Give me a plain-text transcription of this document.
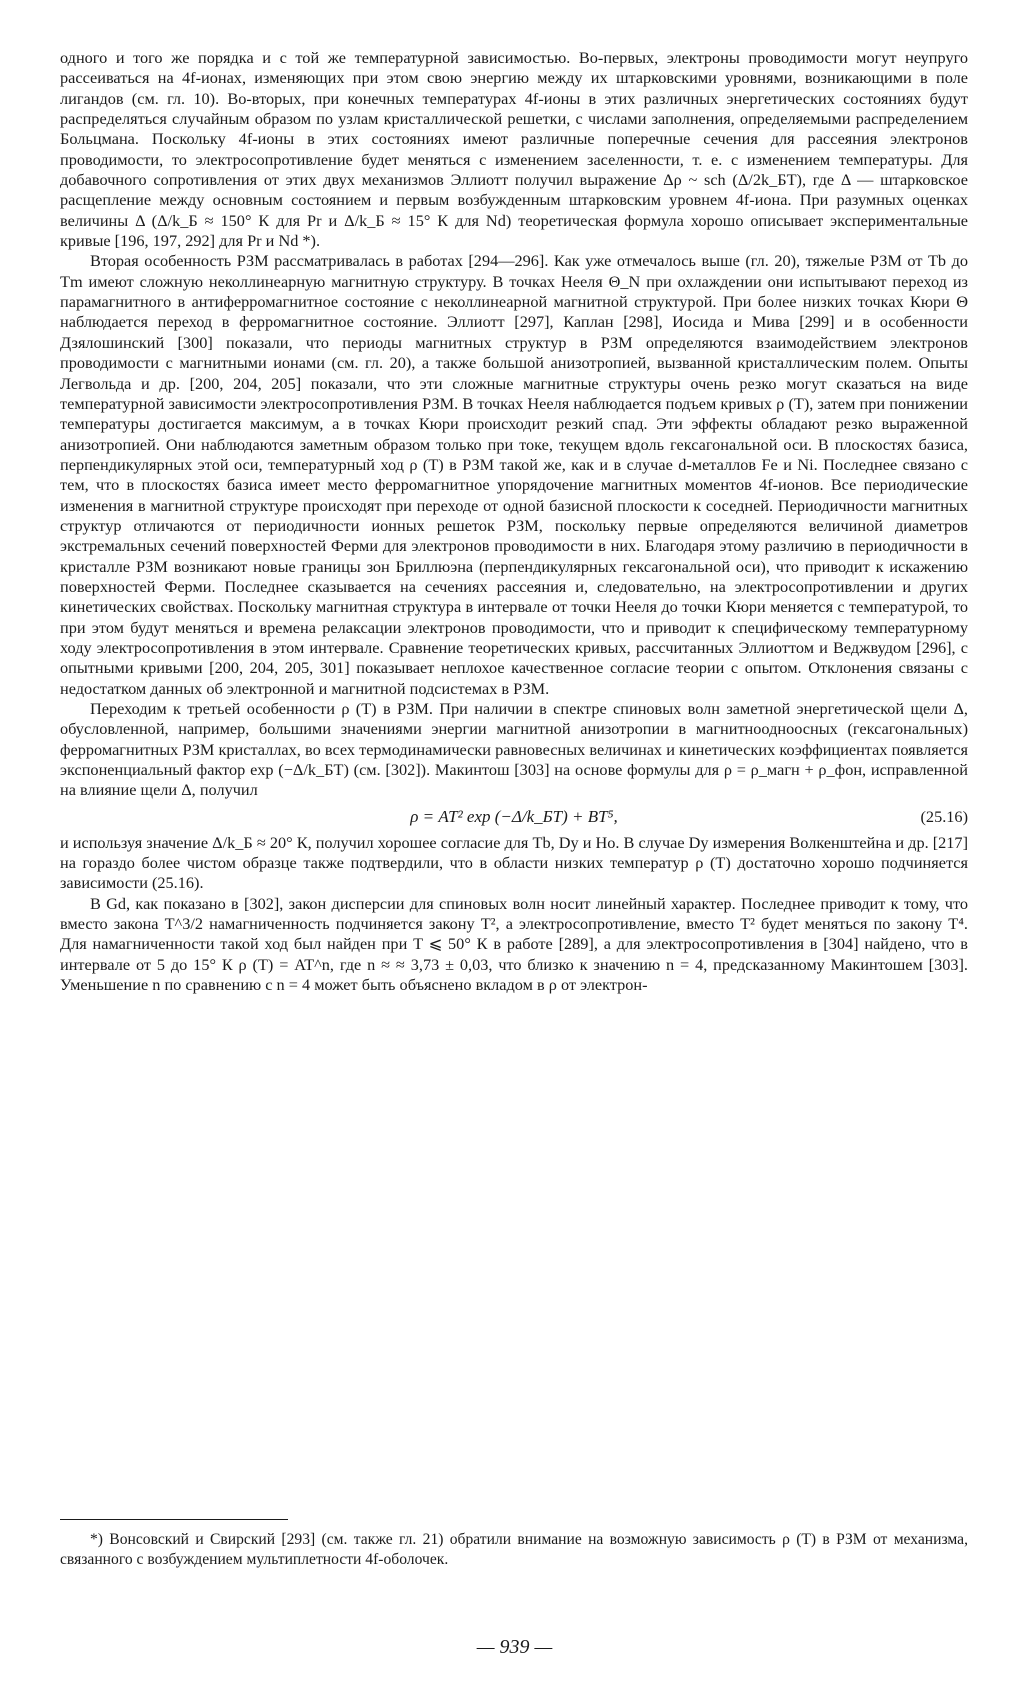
одного и того же порядка и с той же температурной зависимостью. Во-первых, электроны проводимости могут неупруго рассеиваться на 4f-ионах, изменяющих при этом свою энергию между их штарковскими уровнями, возникающими в поле лигандов (см. гл. 10). Во-вторых, при конечных температурах 4f-ионы в этих различных энергетических состояниях будут распределяться случайным образом по узлам кристаллической решетки, с числами заполнения, определяемыми распределением Больцмана. Поскольку 4f-ионы в этих состояниях имеют различные поперечные сечения для рассеяния электронов проводимости, то электросопротивление будет меняться с изменением заселенности, т. е. с изменением температуры. Для добавочного сопротивления от этих двух механизмов Эллиотт получил выражение Δρ ~ sch (Δ/2k_БT), где Δ — штарковское расщепление между основным состоянием и первым возбужденным штарковским уровнем 4f-иона. При разумных оценках величины Δ (Δ/k_Б ≈ 150° К для Pr и Δ/k_Б ≈ 15° К для Nd) теоретическая формула хорошо описывает экспериментальные кривые [196, 197, 292] для Pr и Nd *).

Вторая особенность РЗМ рассматривалась в работах [294—296]. Как уже отмечалось выше (гл. 20), тяжелые РЗМ от Tb до Tm имеют сложную неколлинеарную магнитную структуру. В точках Нееля Θ_N при охлаждении они испытывают переход из парамагнитного в антиферромагнитное состояние с неколлинеарной магнитной структурой. При более низких точках Кюри Θ наблюдается переход в ферромагнитное состояние. Эллиотт [297], Каплан [298], Иосида и Мива [299] и в особенности Дзялошинский [300] показали, что периоды магнитных структур в РЗМ определяются взаимодействием электронов проводимости с магнитными ионами (см. гл. 20), а также большой анизотропией, вызванной кристаллическим полем. Опыты Легвольда и др. [200, 204, 205] показали, что эти сложные магнитные структуры очень резко могут сказаться на виде температурной зависимости электросопротивления РЗМ. В точках Нееля наблюдается подъем кривых ρ (T), затем при понижении температуры достигается максимум, а в точках Кюри происходит резкий спад. Эти эффекты обладают резко выраженной анизотропией. Они наблюдаются заметным образом только при токе, текущем вдоль гексагональной оси. В плоскостях базиса, перпендикулярных этой оси, температурный ход ρ (T) в РЗМ такой же, как и в случае d-металлов Fe и Ni. Последнее связано с тем, что в плоскостях базиса имеет место ферромагнитное упорядочение магнитных моментов 4f-ионов. Все периодические изменения в магнитной структуре происходят при переходе от одной базисной плоскости к соседней. Периодичности магнитных структур отличаются от периодичности ионных решеток РЗМ, поскольку первые определяются величиной диаметров экстремальных сечений поверхностей Ферми для электронов проводимости в них. Благодаря этому различию в периодичности в кристалле РЗМ возникают новые границы зон Бриллюэна (перпендикулярных гексагональной оси), что приводит к искажению поверхностей Ферми. Последнее сказывается на сечениях рассеяния и, следовательно, на электросопротивлении и других кинетических свойствах. Поскольку магнитная структура в интервале от точки Нееля до точки Кюри меняется с температурой, то при этом будут меняться и времена релаксации электронов проводимости, что и приводит к специфическому температурному ходу электросопротивления в этом интервале. Сравнение теоретических кривых, рассчитанных Эллиоттом и Веджвудом [296], с опытными кривыми [200, 204, 205, 301] показывает неплохое качественное согласие теории с опытом. Отклонения связаны с недостатком данных об электронной и магнитной подсистемах в РЗМ.

Переходим к третьей особенности ρ (T) в РЗМ. При наличии в спектре спиновых волн заметной энергетической щели Δ, обусловленной, например, большими значениями энергии магнитной анизотропии в магнитноодноосных (гексагональных) ферромагнитных РЗМ кристаллах, во всех термодинамически равновесных величинах и кинетических коэффициентах появляется экспоненциальный фактор exp (−Δ/k_БT) (см. [302]). Макинтош [303] на основе формулы для ρ = ρ_магн + ρ_фон, исправленной на влияние щели Δ, получил

ρ = AT² exp (−Δ/k_БT) + BT⁵,	(25.16)

и используя значение Δ/k_Б ≈ 20° К, получил хорошее согласие для Tb, Dy и Ho. В случае Dy измерения Волкенштейна и др. [217] на гораздо более чистом образце также подтвердили, что в области низких температур ρ (T) достаточно хорошо подчиняется зависимости (25.16).

В Gd, как показано в [302], закон дисперсии для спиновых волн носит линейный характер. Последнее приводит к тому, что вместо закона T^3/2 намагниченность подчиняется закону T², а электросопротивление, вместо T² будет меняться по закону T⁴. Для намагниченности такой ход был найден при T ⩽ 50° К в работе [289], а для электросопротивления в [304] найдено, что в интервале от 5 до 15° К ρ (T) = AT^n, где n ≈ ≈ 3,73 ± 0,03, что близко к значению n = 4, предсказанному Макинтошем [303]. Уменьшение n по сравнению с n = 4 может быть объяснено вкладом в ρ от электрон-

*) Вонсовский и Свирский [293] (см. также гл. 21) обратили внимание на возможную зависимость ρ (T) в РЗМ от механизма, связанного с возбуждением мультиплетности 4f-оболочек.

— 939 —
